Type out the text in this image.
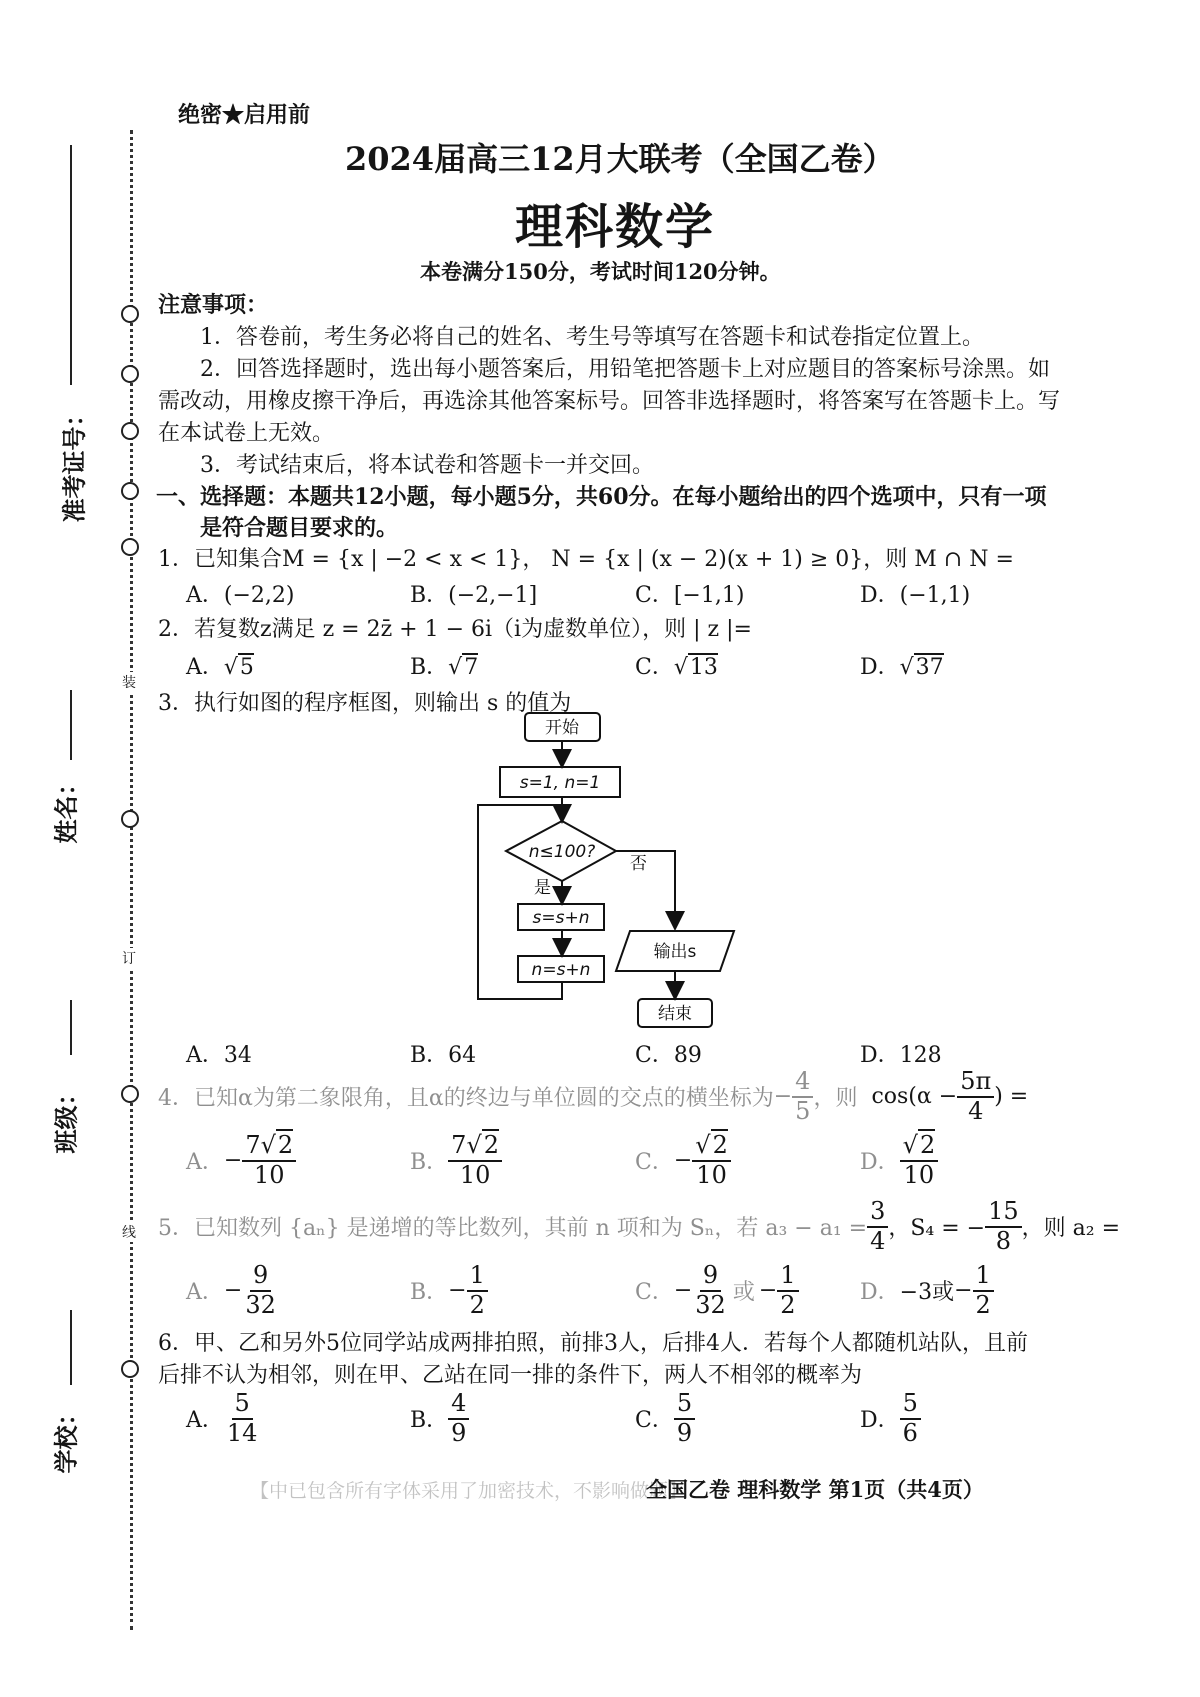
准考证号：
姓名：
班级：
学校：
装
订
线
绝密★启用前
2024届高三12月大联考（全国乙卷）
理科数学
本卷满分150分，考试时间120分钟。
注意事项：
1．答卷前，考生务必将自己的姓名、考生号等填写在答题卡和试卷指定位置上。
2．回答选择题时，选出每小题答案后，用铅笔把答题卡上对应题目的答案标号涂黑。如
需改动，用橡皮擦干净后，再选涂其他答案标号。回答非选择题时，将答案写在答题卡上。写
在本试卷上无效。
3．考试结束后，将本试卷和答题卡一并交回。
一、选择题：本题共12小题，每小题5分，共60分。在每小题给出的四个选项中，只有一项
是符合题目要求的。
1．已知集合M = {x | −2 < x < 1}， N = {x | (x − 2)(x + 1) ≥ 0}，则 M ∩ N =
A．(−2,2)	B．(−2,−1]	C．[−1,1)	D．(−1,1)
2．若复数z满足 z = 2z̄ + 1 − 6i（i为虚数单位），则 | z |=
A．√5	B．√7	C．√13	D．√37
3．执行如图的程序框图，则输出 s 的值为
开始
s=1, n=1
n≤100?
否
是
s=s+n
n=s+n
输出s
结束
A．34	B．64	C．89	D．128
4．已知α为第二象限角，且α的终边与单位圆的交点的横坐标为 − $\frac{4}{5}$ ，则 $\cos(\alpha - \frac{5\pi}{4}$ ) =
A． − $\frac{7√2}{10}$	B． $\frac{7√2}{10}$	C． − $\frac{√2}{10}$	D． $\frac{√2}{10}$
5．已知数列 {aₙ} 是递增的等比数列，其前 n 项和为 Sₙ，若 $a_3 - a_1 = \frac{3}{4}$ ，S₄ = − $\frac{15}{8}$ ，则 a₂ =
A． − $\frac{9}{32}$	B． − $\frac{1}{2}$	C． − $\frac{9}{32}$ 或 − $\frac{1}{2}$	D． −3或 − $\frac{1}{2}$
6．甲、乙和另外5位同学站成两排拍照，前排3人，后排4人．若每个人都随机站队，且前
后排不认为相邻，则在甲、乙站在同一排的条件下，两人不相邻的概率为
A． $\frac{5}{14}$	B． $\frac{4}{9}$	C． $\frac{5}{9}$	D． $\frac{5}{6}$
【中已包含所有字体采用了加密技术，不影响做题】
全国乙卷 理科数学 第1页（共4页）
